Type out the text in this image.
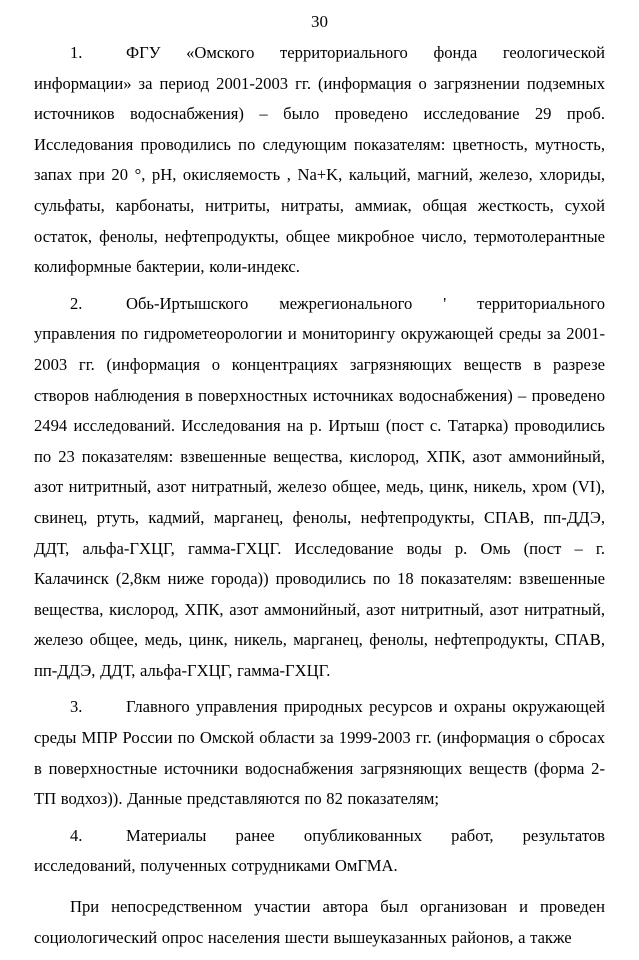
30

1.	ФГУ «Омского территориального фонда геологической информации» за период 2001-2003 гг. (информация о загрязнении подземных источников водоснабжения) – было проведено исследование 29 проб. Исследования проводились по следующим показателям: цветность, мутность, запах при 20 °, pH, окисляемость , Na+K, кальций, магний, железо, хлориды, сульфаты, карбонаты, нитриты, нитраты, аммиак, общая жесткость, сухой остаток, фенолы, нефтепродукты, общее микробное число, термотолерантные колиформные бактерии, коли-индекс.

2.	Обь-Иртышского межрегионального ' территориального управления по гидрометеорологии и мониторингу окружающей среды за 2001-2003 гг. (информация о концентрациях загрязняющих веществ в разрезе створов наблюдения в поверхностных источниках водоснабжения) – проведено 2494 исследований. Исследования на р. Иртыш (пост с. Татарка) проводились по 23 показателям: взвешенные вещества, кислород, ХПК, азот аммонийный, азот нитритный, азот нитратный, железо общее, медь, цинк, никель, хром (VI), свинец, ртуть, кадмий, марганец, фенолы, нефтепродукты, СПАВ, пп-ДДЭ, ДДТ, альфа-ГХЦГ, гамма-ГХЦГ. Исследование воды р. Омь (пост – г. Калачинск (2,8км ниже города)) проводились по 18 показателям: взвешенные вещества, кислород, ХПК, азот аммонийный, азот нитритный, азот нитратный, железо общее, медь, цинк, никель, марганец, фенолы, нефтепродукты, СПАВ, пп-ДДЭ, ДДТ, альфа-ГХЦГ, гамма-ГХЦГ.

3.	Главного управления природных ресурсов и охраны окружающей среды МПР России по Омской области за 1999-2003 гг. (информация о сбросах в поверхностные источники водоснабжения загрязняющих веществ (форма 2-ТП водхоз)). Данные представляются по 82 показателям;

4.	Материалы ранее опубликованных работ, результатов исследований, полученных сотрудниками ОмГМА.

При непосредственном участии автора был организован и проведен социологический опрос населения шести вышеуказанных районов, а также
